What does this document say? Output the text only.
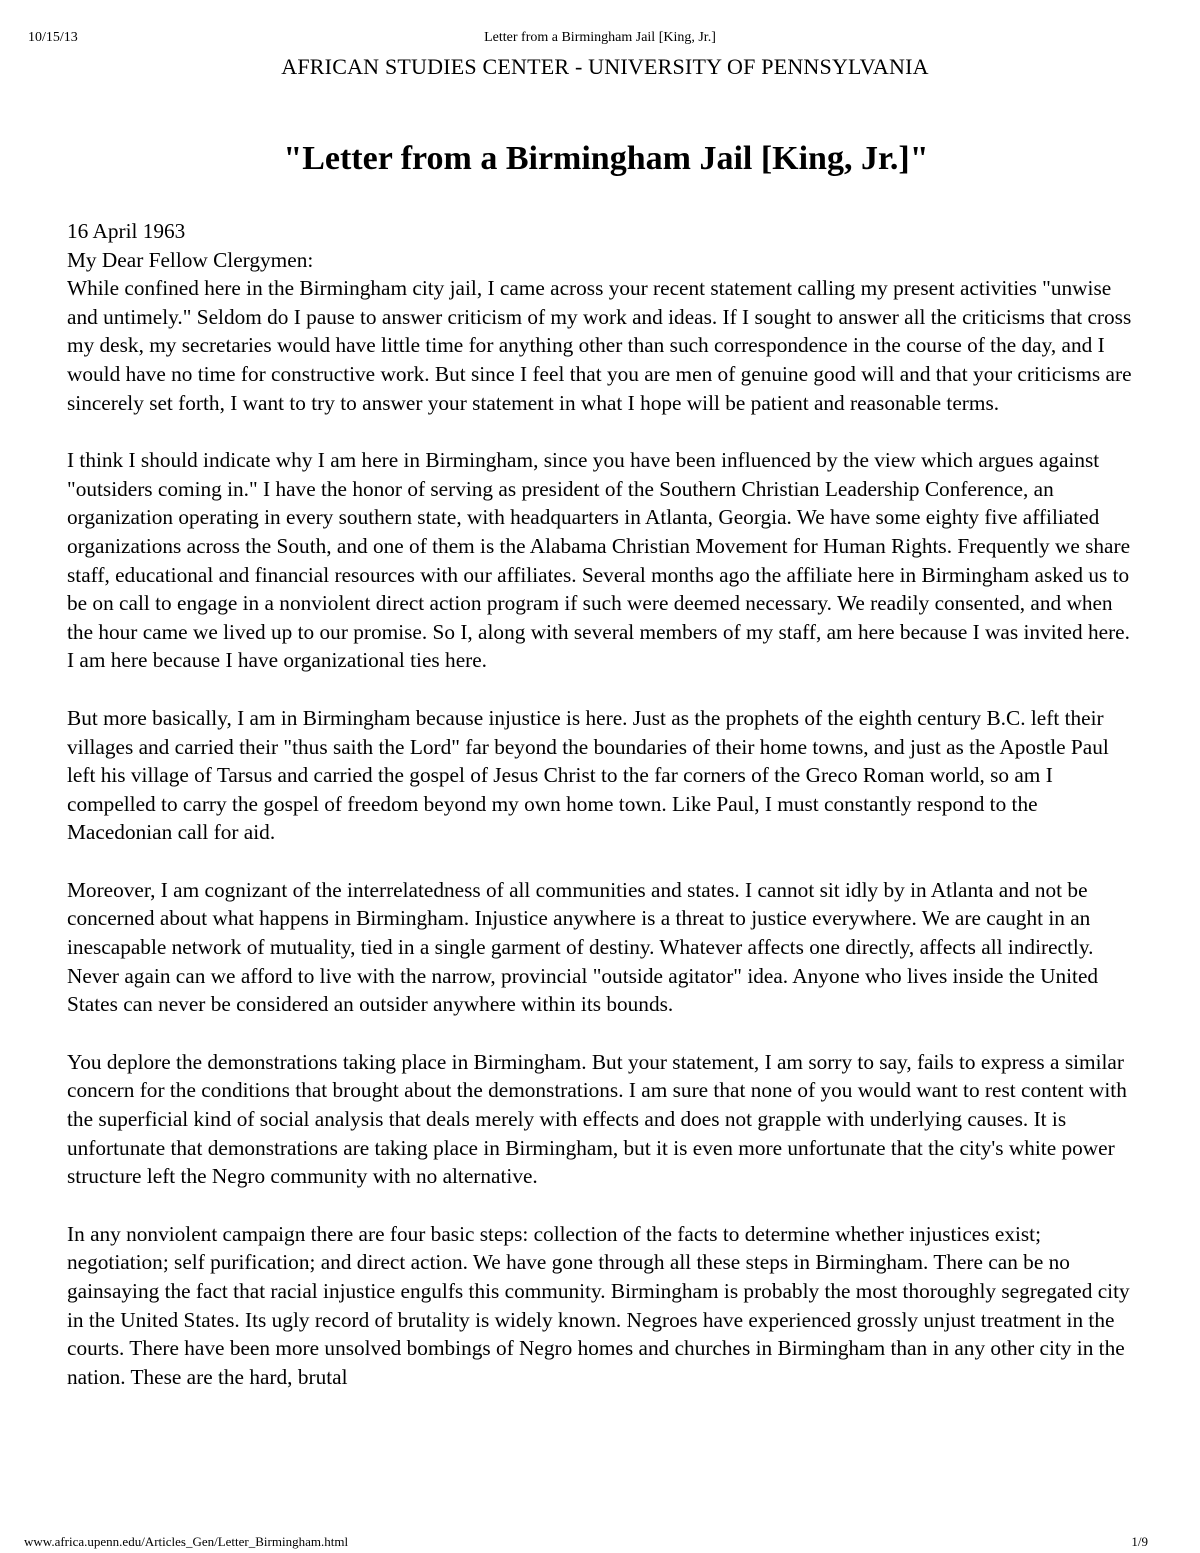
10/15/13	Letter from a Birmingham Jail [King, Jr.]
AFRICAN STUDIES CENTER - UNIVERSITY OF PENNSYLVANIA
"Letter from a Birmingham Jail [King, Jr.]"
16 April 1963
My Dear Fellow Clergymen:

While confined here in the Birmingham city jail, I came across your recent statement calling my present activities "unwise and untimely." Seldom do I pause to answer criticism of my work and ideas. If I sought to answer all the criticisms that cross my desk, my secretaries would have little time for anything other than such correspondence in the course of the day, and I would have no time for constructive work. But since I feel that you are men of genuine good will and that your criticisms are sincerely set forth, I want to try to answer your statement in what I hope will be patient and reasonable terms.

I think I should indicate why I am here in Birmingham, since you have been influenced by the view which argues against "outsiders coming in." I have the honor of serving as president of the Southern Christian Leadership Conference, an organization operating in every southern state, with headquarters in Atlanta, Georgia. We have some eighty five affiliated organizations across the South, and one of them is the Alabama Christian Movement for Human Rights. Frequently we share staff, educational and financial resources with our affiliates. Several months ago the affiliate here in Birmingham asked us to be on call to engage in a nonviolent direct action program if such were deemed necessary. We readily consented, and when the hour came we lived up to our promise. So I, along with several members of my staff, am here because I was invited here. I am here because I have organizational ties here.

But more basically, I am in Birmingham because injustice is here. Just as the prophets of the eighth century B.C. left their villages and carried their "thus saith the Lord" far beyond the boundaries of their home towns, and just as the Apostle Paul left his village of Tarsus and carried the gospel of Jesus Christ to the far corners of the Greco Roman world, so am I compelled to carry the gospel of freedom beyond my own home town. Like Paul, I must constantly respond to the Macedonian call for aid.

Moreover, I am cognizant of the interrelatedness of all communities and states. I cannot sit idly by in Atlanta and not be concerned about what happens in Birmingham. Injustice anywhere is a threat to justice everywhere. We are caught in an inescapable network of mutuality, tied in a single garment of destiny. Whatever affects one directly, affects all indirectly. Never again can we afford to live with the narrow, provincial "outside agitator" idea. Anyone who lives inside the United States can never be considered an outsider anywhere within its bounds.

You deplore the demonstrations taking place in Birmingham. But your statement, I am sorry to say, fails to express a similar concern for the conditions that brought about the demonstrations. I am sure that none of you would want to rest content with the superficial kind of social analysis that deals merely with effects and does not grapple with underlying causes. It is unfortunate that demonstrations are taking place in Birmingham, but it is even more unfortunate that the city's white power structure left the Negro community with no alternative.

In any nonviolent campaign there are four basic steps: collection of the facts to determine whether injustices exist; negotiation; self purification; and direct action. We have gone through all these steps in Birmingham. There can be no gainsaying the fact that racial injustice engulfs this community. Birmingham is probably the most thoroughly segregated city in the United States. Its ugly record of brutality is widely known. Negroes have experienced grossly unjust treatment in the courts. There have been more unsolved bombings of Negro homes and churches in Birmingham than in any other city in the nation. These are the hard, brutal

www.africa.upenn.edu/Articles_Gen/Letter_Birmingham.html	1/9
